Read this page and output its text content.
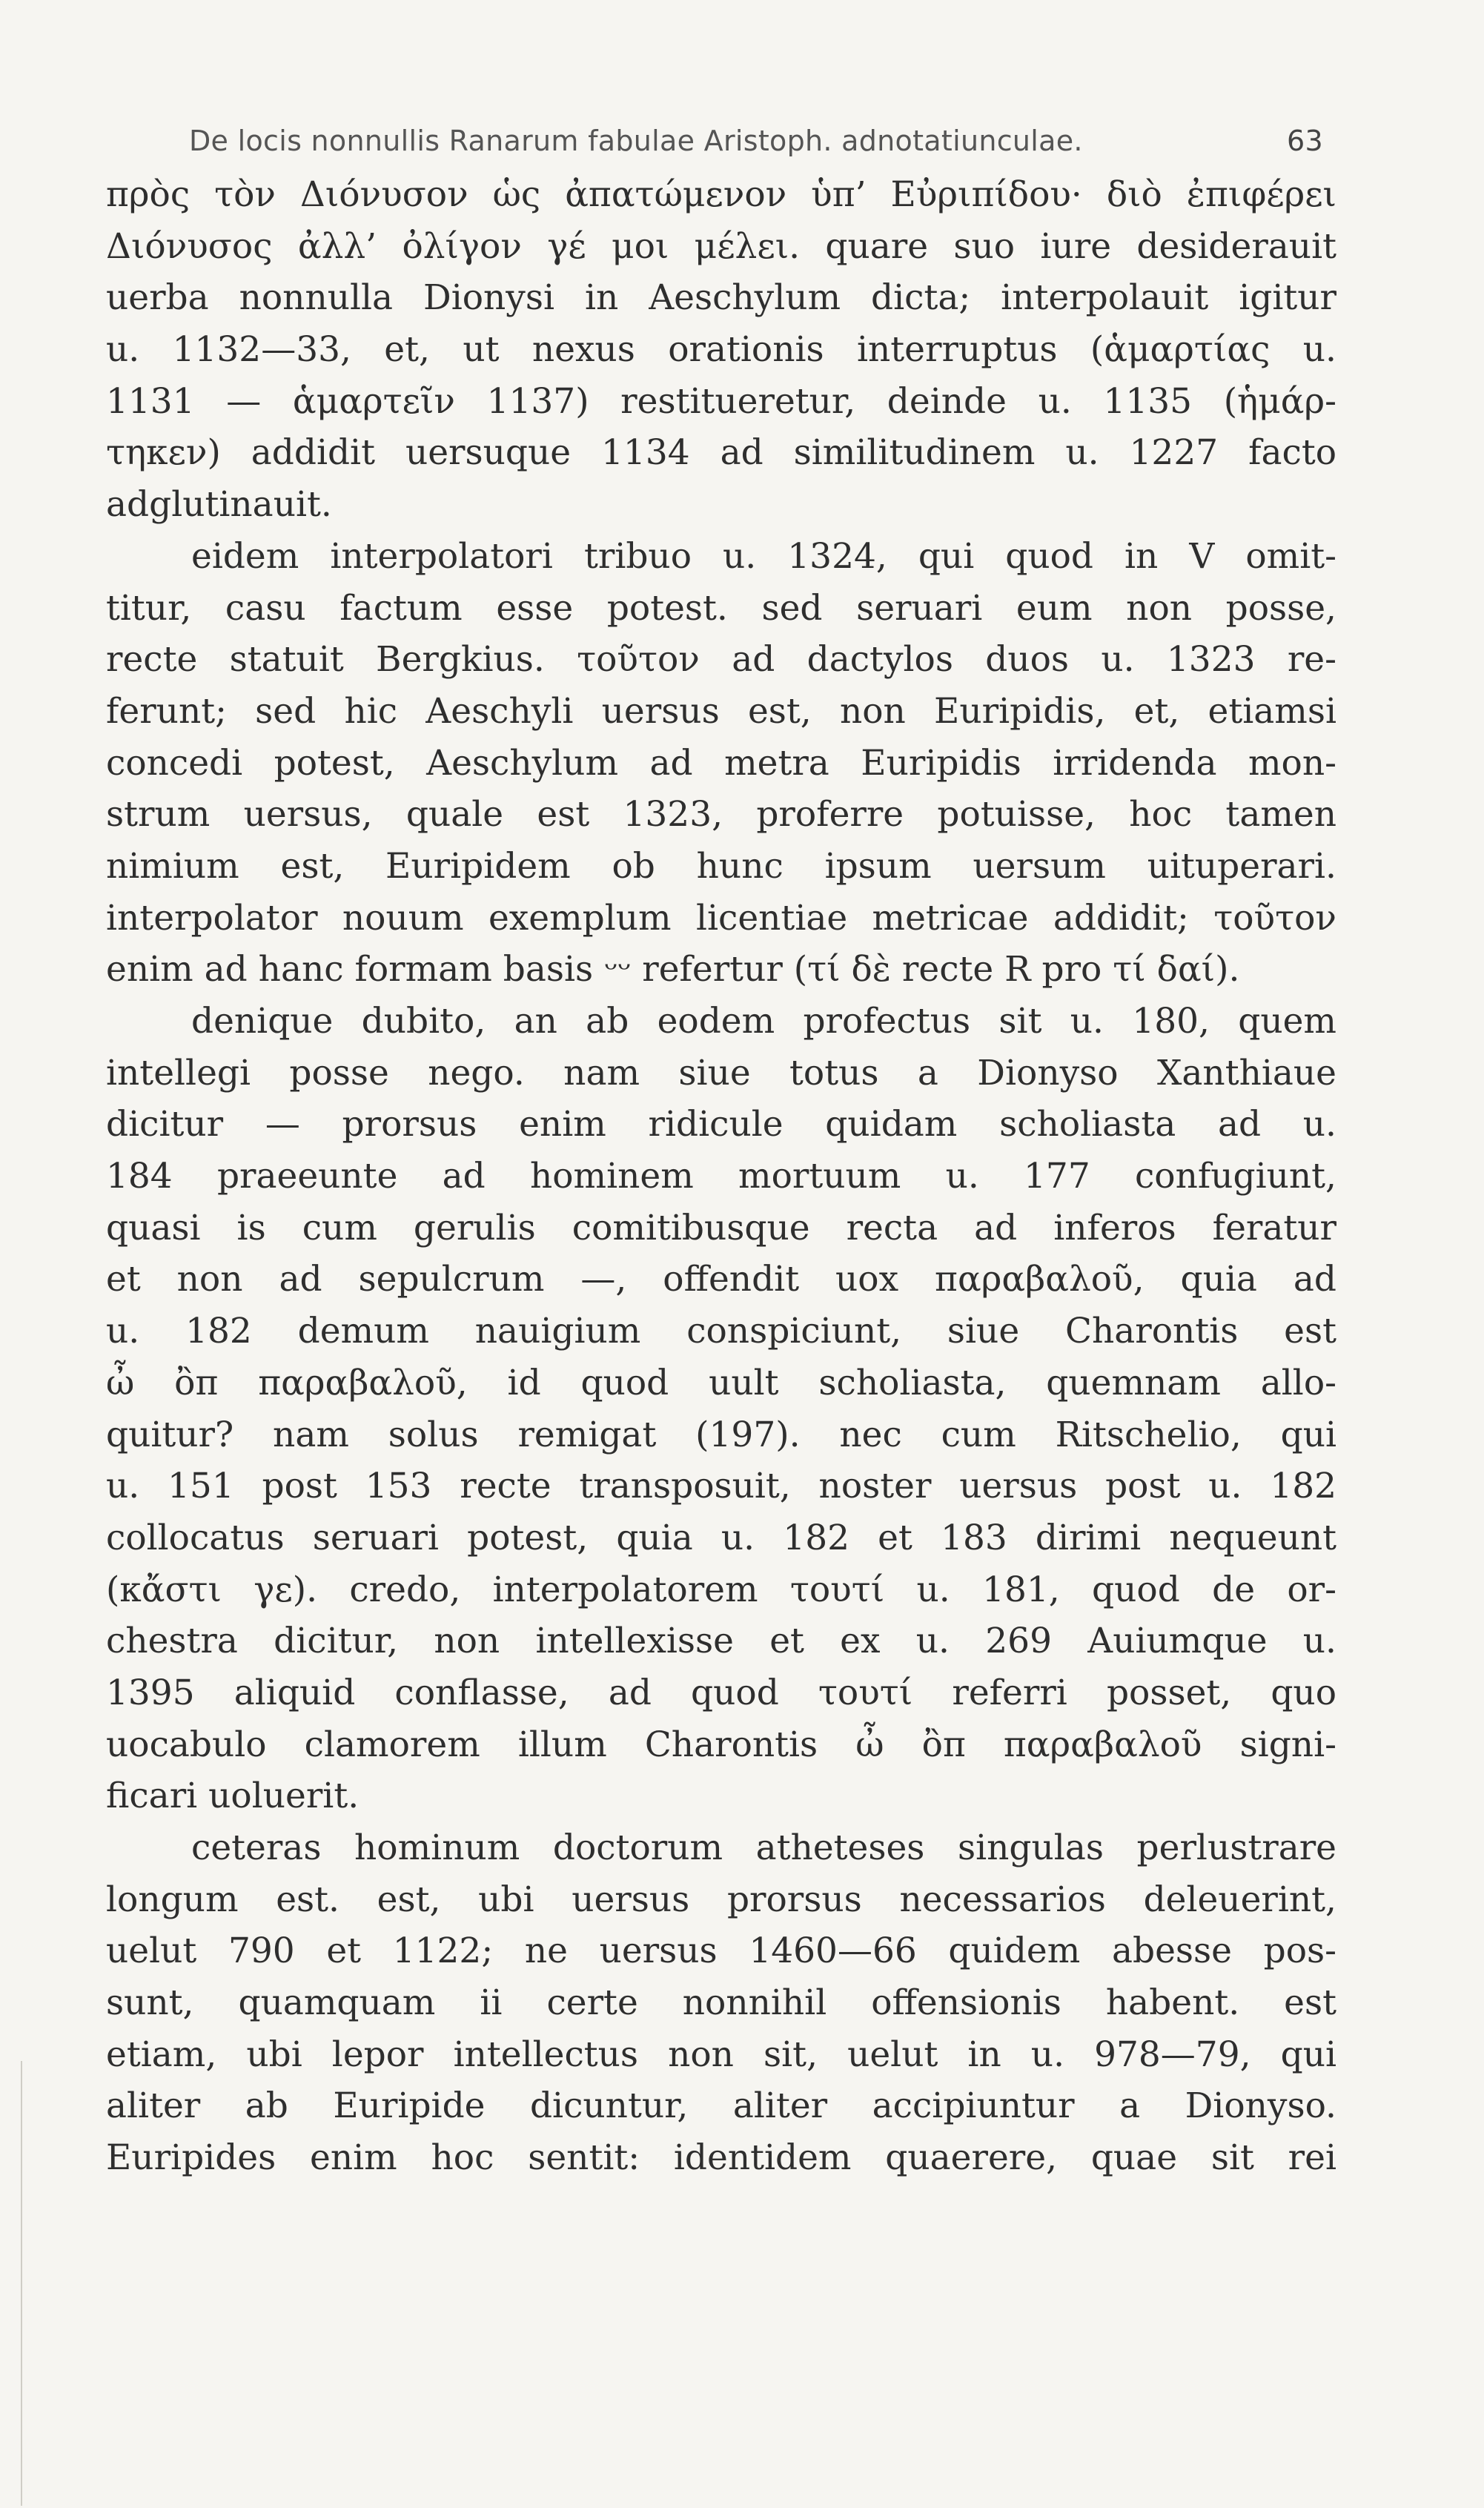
De locis nonnullis Ranarum fabulae Aristoph. adnotatiunculae.	63
πρὸς τὸν Διόνυσον ὡς ἀπατώμενον ὑπ’ Εὐριπίδου· διὸ ἐπιφέρει
Διόνυσος ἀλλ’ ὀλίγον γέ μοι μέλει. quare suo iure desiderauit
uerba nonnulla Dionysi in Aeschylum dicta; interpolauit igitur
u. 1132—33, et, ut nexus orationis interruptus (ἁμαρτίας u.
1131 — ἁμαρτεῖν 1137) restitueretur, deinde u. 1135 (ἡμάρ-
τηκεν) addidit uersuque 1134 ad similitudinem u. 1227 facto
adglutinauit.
eidem interpolatori tribuo u. 1324, qui quod in V omit-
titur, casu factum esse potest. sed seruari eum non posse,
recte statuit Bergkius. τοῦτον ad dactylos duos u. 1323 re-
ferunt; sed hic Aeschyli uersus est, non Euripidis, et, etiamsi
concedi potest, Aeschylum ad metra Euripidis irridenda mon-
strum uersus, quale est 1323, proferre potuisse, hoc tamen
nimium est, Euripidem ob hunc ipsum uersum uituperari.
interpolator nouum exemplum licentiae metricae addidit; τοῦτον
enim ad hanc formam basis ᵕᵕ refertur (τί δὲ recte R pro τί δαί).
denique dubito, an ab eodem profectus sit u. 180, quem
intellegi posse nego. nam siue totus a Dionyso Xanthiaue
dicitur — prorsus enim ridicule quidam scholiasta ad u.
184 praeeunte ad hominem mortuum u. 177 confugiunt,
quasi is cum gerulis comitibusque recta ad inferos feratur
et non ad sepulcrum —, offendit uox παραβαλοῦ, quia ad
u. 182 demum nauigium conspiciunt, siue Charontis est
ὦ ὂπ παραβαλοῦ, id quod uult scholiasta, quemnam allo-
quitur? nam solus remigat (197). nec cum Ritschelio, qui
u. 151 post 153 recte transposuit, noster uersus post u. 182
collocatus seruari potest, quia u. 182 et 183 dirimi nequeunt
(κἄστι γε). credo, interpolatorem τουτί u. 181, quod de or-
chestra dicitur, non intellexisse et ex u. 269 Auiumque u.
1395 aliquid conflasse, ad quod τουτί referri posset, quo
uocabulo clamorem illum Charontis ὦ ὂπ παραβαλοῦ signi-
ficari uoluerit.
ceteras hominum doctorum atheteses singulas perlustrare
longum est. est, ubi uersus prorsus necessarios deleuerint,
uelut 790 et 1122; ne uersus 1460—66 quidem abesse pos-
sunt, quamquam ii certe nonnihil offensionis habent. est
etiam, ubi lepor intellectus non sit, uelut in u. 978—79, qui
aliter ab Euripide dicuntur, aliter accipiuntur a Dionyso.
Euripides enim hoc sentit: identidem quaerere, quae sit rei
